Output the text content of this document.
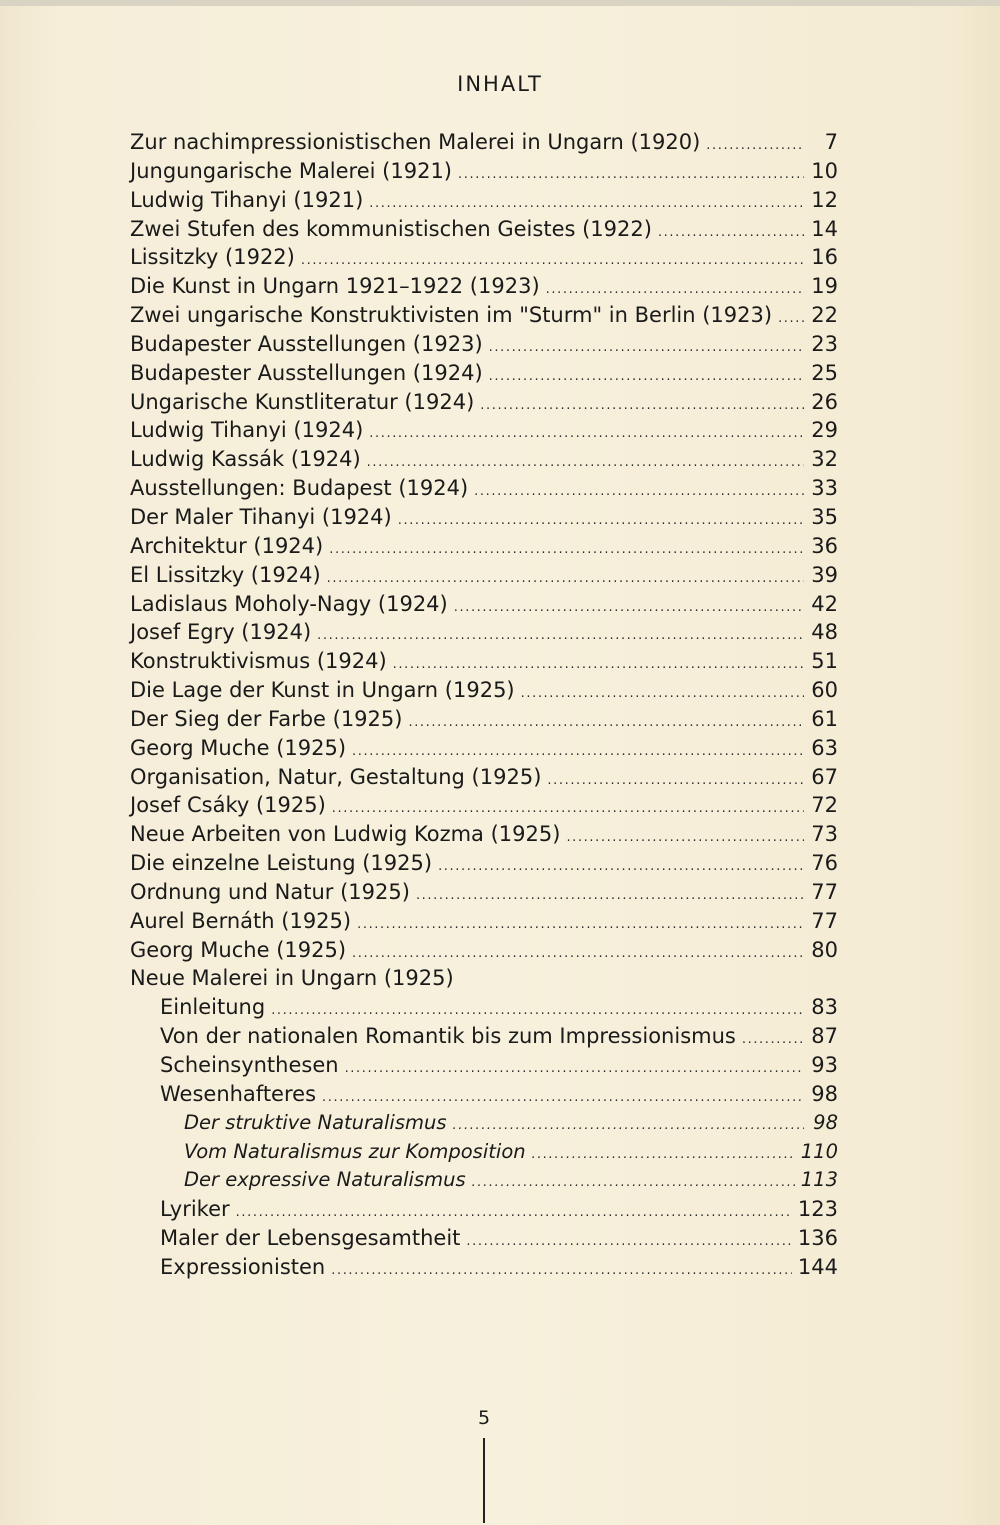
INHALT
Zur nachimpressionistischen Malerei in Ungarn (1920) .....	7
Jungungarische Malerei (1921) .....	10
Ludwig Tihanyi (1921) .....	12
Zwei Stufen des kommunistischen Geistes (1922) .....	14
Lissitzky (1922) .....	16
Die Kunst in Ungarn 1921–1922 (1923) .....	19
Zwei ungarische Konstruktivisten im "Sturm" in Berlin (1923) ..... 22
Budapester Ausstellungen (1923) .....	23
Budapester Ausstellungen (1924) .....	25
Ungarische Kunstliteratur (1924) .....	26
Ludwig Tihanyi (1924) .....	29
Ludwig Kassák (1924) .....	32
Ausstellungen: Budapest (1924) .....	33
Der Maler Tihanyi (1924) .....	35
Architektur (1924) .....	36
El Lissitzky (1924) .....	39
Ladislaus Moholy-Nagy (1924) .....	42
Josef Egry (1924) .....	48
Konstruktivismus (1924) .....	51
Die Lage der Kunst in Ungarn (1925) .....	60
Der Sieg der Farbe (1925) .....	61
Georg Muche (1925) .....	63
Organisation, Natur, Gestaltung (1925) .....	67
Josef Csáky (1925) .....	72
Neue Arbeiten von Ludwig Kozma (1925) .....	73
Die einzelne Leistung (1925) .....	76
Ordnung und Natur (1925) .....	77
Aurel Bernáth (1925) .....	77
Georg Muche (1925) .....	80
Neue Malerei in Ungarn (1925)
Einleitung .....	83
Von der nationalen Romantik bis zum Impressionismus .....	87
Scheinsynthesen .....	93
Wesenhafteres .....	98
Der struktive Naturalismus .....	98
Vom Naturalismus zur Komposition .....	110
Der expressive Naturalismus .....	113
Lyriker .....	123
Maler der Lebensgesamtheit .....	136
Expressionisten .....	144
5
